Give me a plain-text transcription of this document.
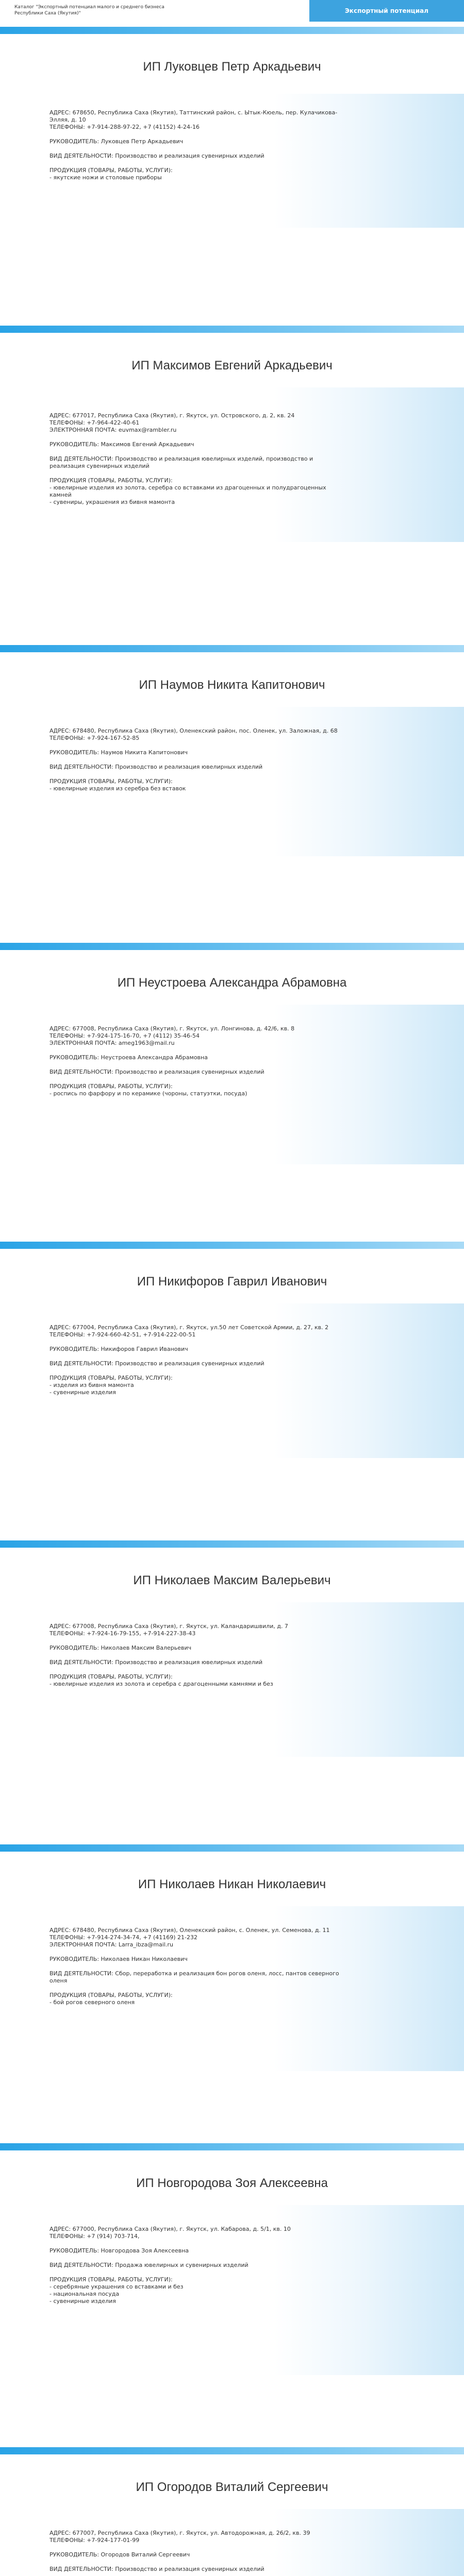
Каталог "Экспортный потенциал малого и среднего бизнеса Республики Саха (Якутия)"	Экспортный потенциал
ИП Луковцев Петр Аркадьевич

АДРЕС: 678650, Республика Саха (Якутия), Таттинский район, с. Ытык-Кюель, пер. Кулачикова-Элляя, д. 10

ТЕЛЕФОНЫ: +7-914-288-97-22, +7 (41152) 4-24-16

РУКОВОДИТЕЛЬ: Луковцев Петр Аркадьевич

ВИД ДЕЯТЕЛЬНОСТИ: Производство и реализация сувенирных изделий

ПРОДУКЦИЯ (ТОВАРЫ, РАБОТЫ, УСЛУГИ):

- якутские ножи и столовые приборы

ИП Максимов Евгений Аркадьевич

АДРЕС: 677017, Республика Саха (Якутия), г. Якутск, ул. Островского, д. 2, кв. 24

ТЕЛЕФОНЫ: +7-964-422-40-61

ЭЛЕКТРОННАЯ ПОЧТА: euvmax@rambler.ru

РУКОВОДИТЕЛЬ: Максимов Евгений Аркадьевич

ВИД ДЕЯТЕЛЬНОСТИ: Производство и реализация ювелирных изделий, производство и реализация сувенирных изделий

ПРОДУКЦИЯ (ТОВАРЫ, РАБОТЫ, УСЛУГИ):

- ювелирные изделия из золота, серебра со вставками из драгоценных и полудрагоценных камней

- сувениры, украшения из бивня мамонта

ИП Наумов Никита Капитонович

АДРЕС: 678480, Республика Саха (Якутия), Оленекский район, пос. Оленек, ул. Заложная, д. 68

ТЕЛЕФОНЫ: +7-924-167-52-85

РУКОВОДИТЕЛЬ: Наумов Никита Капитонович

ВИД ДЕЯТЕЛЬНОСТИ: Производство и реализация ювелирных изделий

ПРОДУКЦИЯ (ТОВАРЫ, РАБОТЫ, УСЛУГИ):

- ювелирные изделия из серебра без вставок

ИП Неустроева Александра Абрамовна

АДРЕС: 677008, Республика Саха (Якутия), г. Якутск, ул. Лонгинова, д. 42/6, кв. 8

ТЕЛЕФОНЫ: +7-924-175-16-70, +7 (4112) 35-46-54

ЭЛЕКТРОННАЯ ПОЧТА: ameg1963@mail.ru

РУКОВОДИТЕЛЬ: Неустроева Александра Абрамовна

ВИД ДЕЯТЕЛЬНОСТИ: Производство и реализация сувенирных изделий

ПРОДУКЦИЯ (ТОВАРЫ, РАБОТЫ, УСЛУГИ):

- роспись по фарфору и по керамике (чороны, статуэтки, посуда)

ИП Никифоров Гаврил Иванович

АДРЕС: 677004, Республика Саха (Якутия), г. Якутск, ул.50 лет Советской Армии, д. 27, кв. 2

ТЕЛЕФОНЫ: +7-924-660-42-51, +7-914-222-00-51

РУКОВОДИТЕЛЬ: Никифоров Гаврил Иванович

ВИД ДЕЯТЕЛЬНОСТИ: Производство и реализация сувенирных изделий

ПРОДУКЦИЯ (ТОВАРЫ, РАБОТЫ, УСЛУГИ):

- изделия из бивня мамонта

- сувенирные изделия

ИП Николаев Максим Валерьевич

АДРЕС: 677008, Республика Саха (Якутия), г. Якутск, ул. Каландаришвили, д. 7

ТЕЛЕФОНЫ: +7-924-16-79-155, +7-914-227-38-43

РУКОВОДИТЕЛЬ: Николаев Максим Валерьевич

ВИД ДЕЯТЕЛЬНОСТИ: Производство и реализация ювелирных изделий

ПРОДУКЦИЯ (ТОВАРЫ, РАБОТЫ, УСЛУГИ):

- ювелирные изделия из золота и серебра с драгоценными камнями и без

ИП Николаев Никан Николаевич

АДРЕС: 678480, Республика Саха (Якутия), Оленекский район, с. Оленек, ул. Семенова, д. 11

ТЕЛЕФОНЫ: +7-914-274-34-74, +7 (41169) 21-232

ЭЛЕКТРОННАЯ ПОЧТА: Larra_ibza@mail.ru

РУКОВОДИТЕЛЬ: Николаев Никан Николаевич

ВИД ДЕЯТЕЛЬНОСТИ: Сбор, переработка и реализация бон рогов оленя, лосс, пантов северного оленя

ПРОДУКЦИЯ (ТОВАРЫ, РАБОТЫ, УСЛУГИ):

- бой рогов северного оленя

ИП Новгородова Зоя Алексеевна

АДРЕС: 677000, Республика Саха (Якутия), г. Якутск, ул. Кабарова, д. 5/1, кв. 10

ТЕЛЕФОНЫ: +7 (914) 703-714,

РУКОВОДИТЕЛЬ: Новгородова Зоя Алексеевна

ВИД ДЕЯТЕЛЬНОСТИ: Продажа ювелирных и сувенирных изделий

ПРОДУКЦИЯ (ТОВАРЫ, РАБОТЫ, УСЛУГИ):

- серебряные украшения со вставками и без

- национальная посуда

- сувенирные изделия

ИП Огородов Виталий Сергеевич

АДРЕС: 677007, Республика Саха (Якутия), г. Якутск, ул. Автодорожная, д. 26/2, кв. 39

ТЕЛЕФОНЫ: +7-924-177-01-99

РУКОВОДИТЕЛЬ: Огородов Виталий Сергеевич

ВИД ДЕЯТЕЛЬНОСТИ: Производство и реализация сувенирных изделий
